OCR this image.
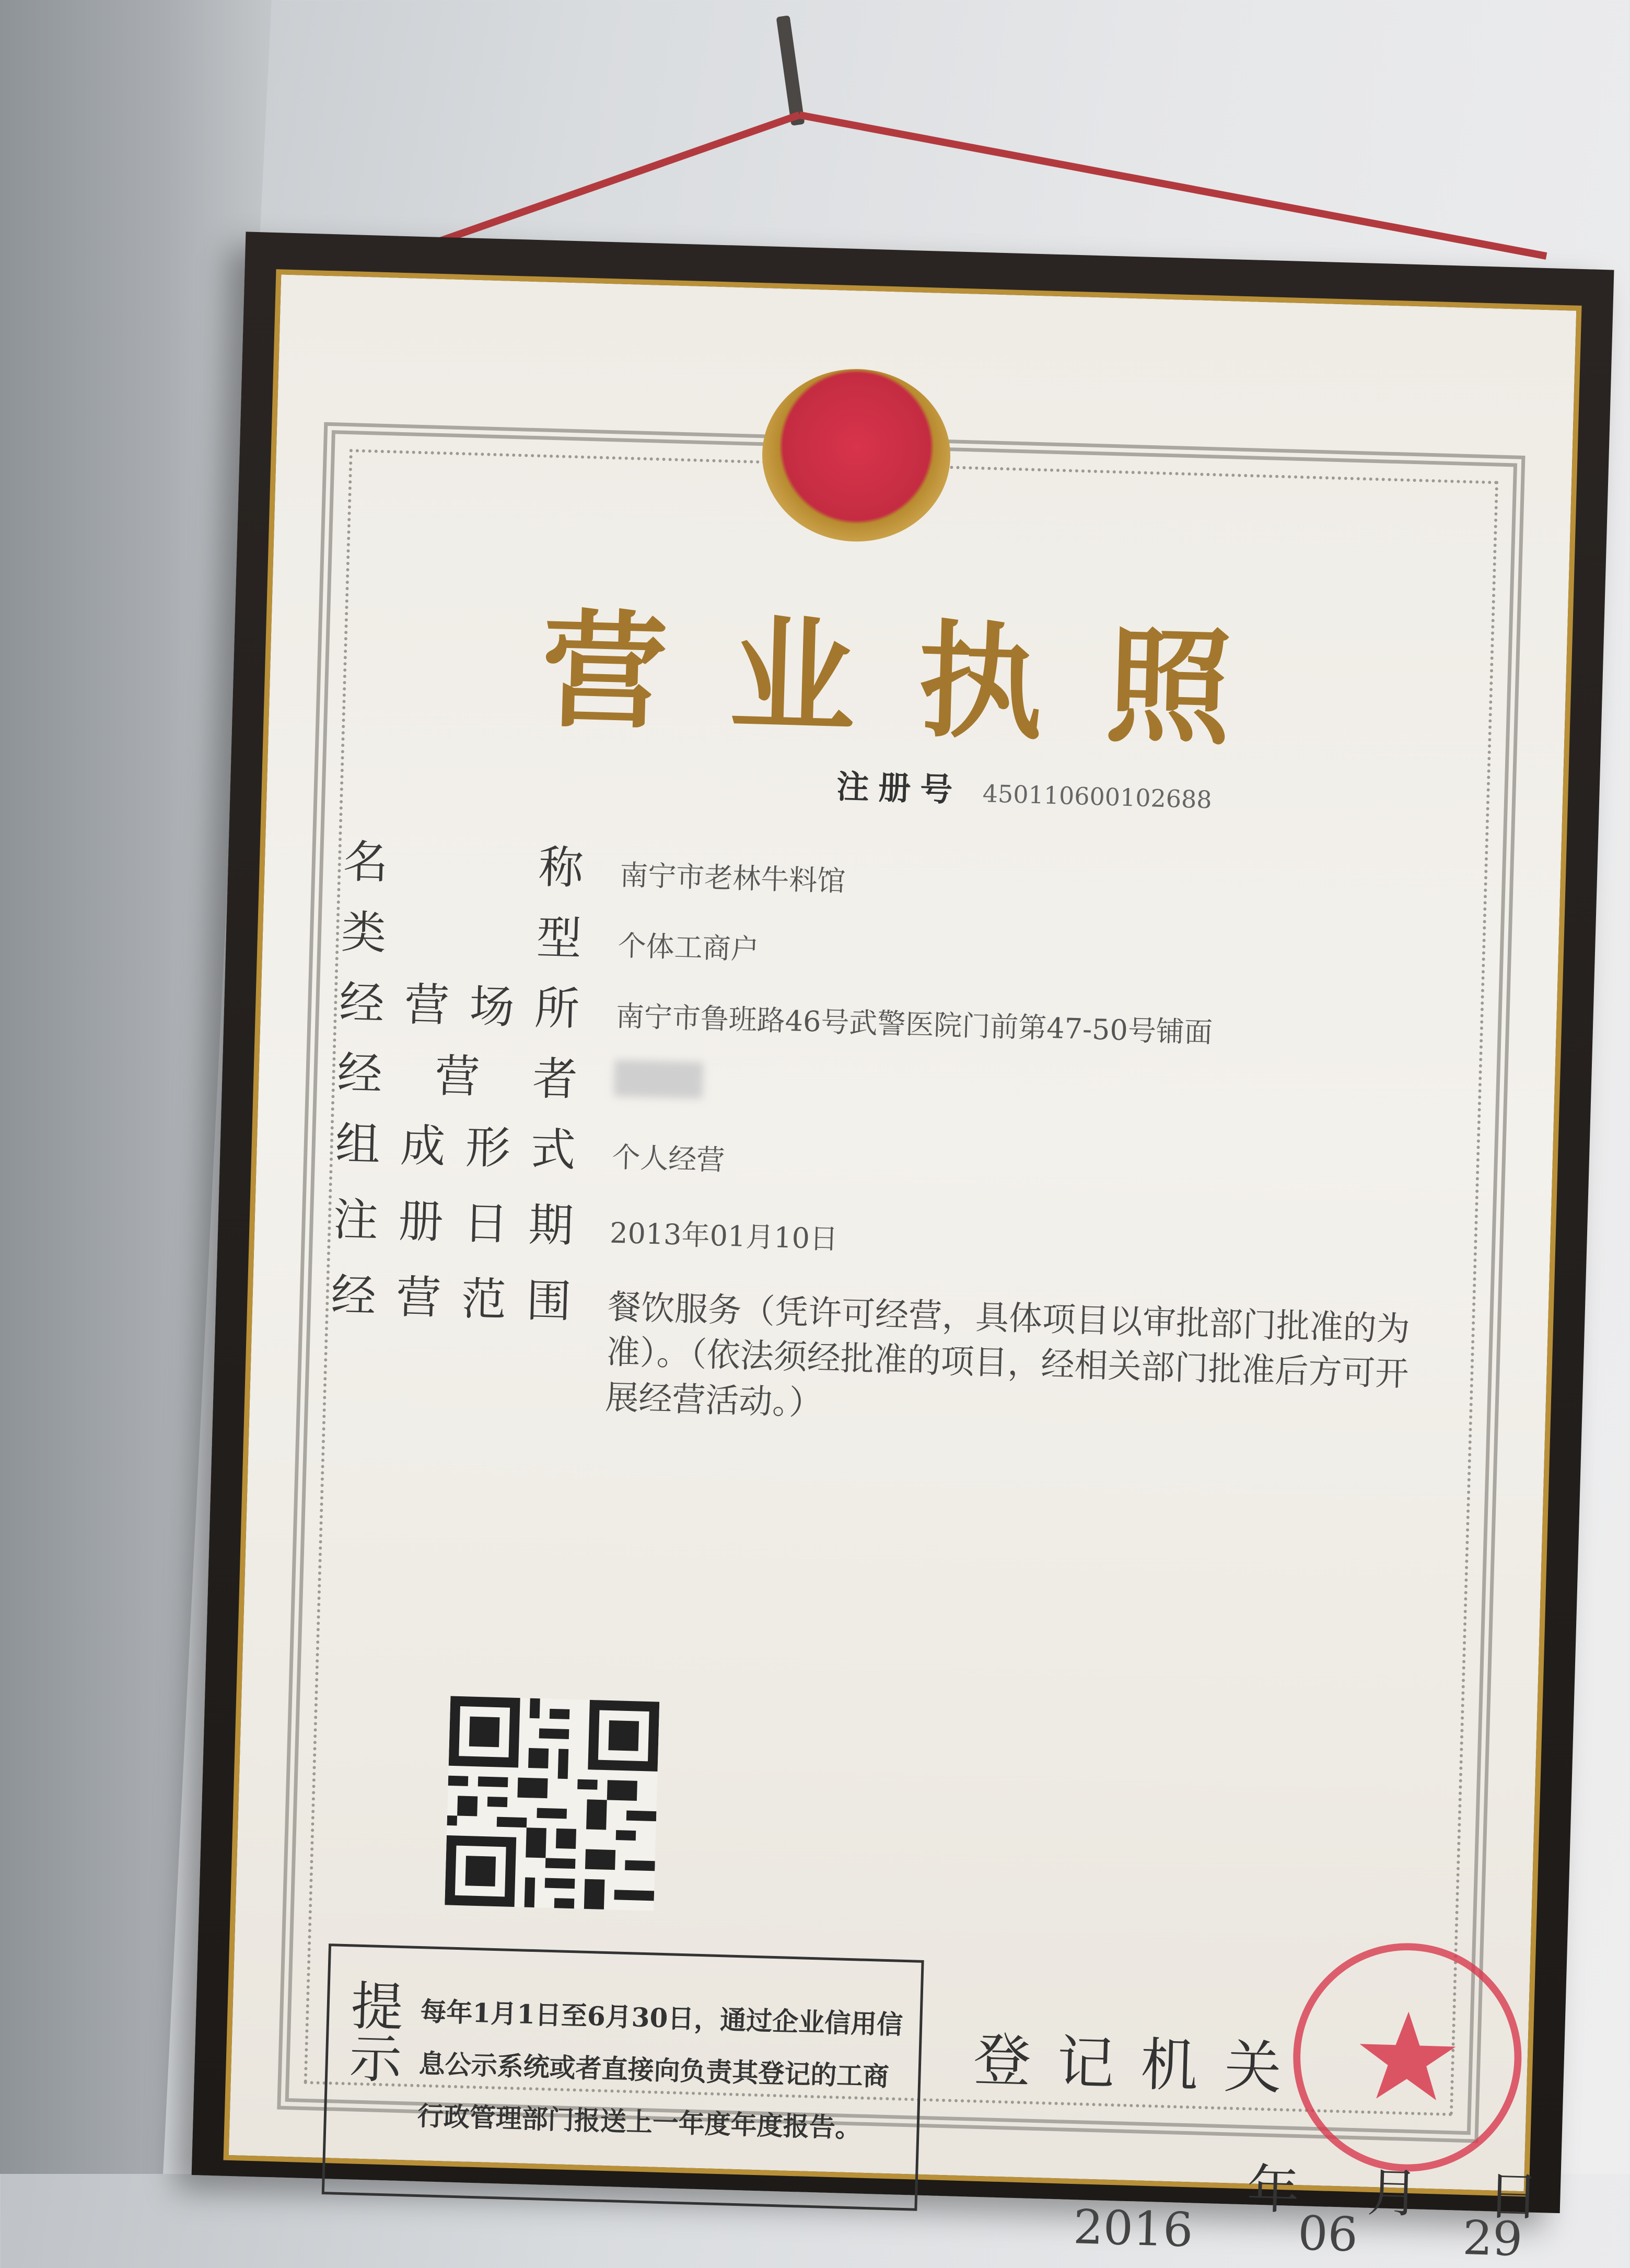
营业执照
注册号 450110600102688
名称	南宁市老林牛料馆
类型	个体工商户
经营场所	南宁市鲁班路46号武警医院门前第47-50号铺面
经营者
组成形式	个人经营
注册日期	2013年01月10日
经营范围	餐饮服务（凭许可经营，具体项目以审批部门批准的为准）。（依法须经批准的项目，经相关部门批准后方可开展经营活动。）
提示 每年1月1日至6月30日，通过企业信用信息公示系统或者直接向负责其登记的工商行政管理部门报送上一年度年度报告。
登记机关
年 月 日
2016 06 29
